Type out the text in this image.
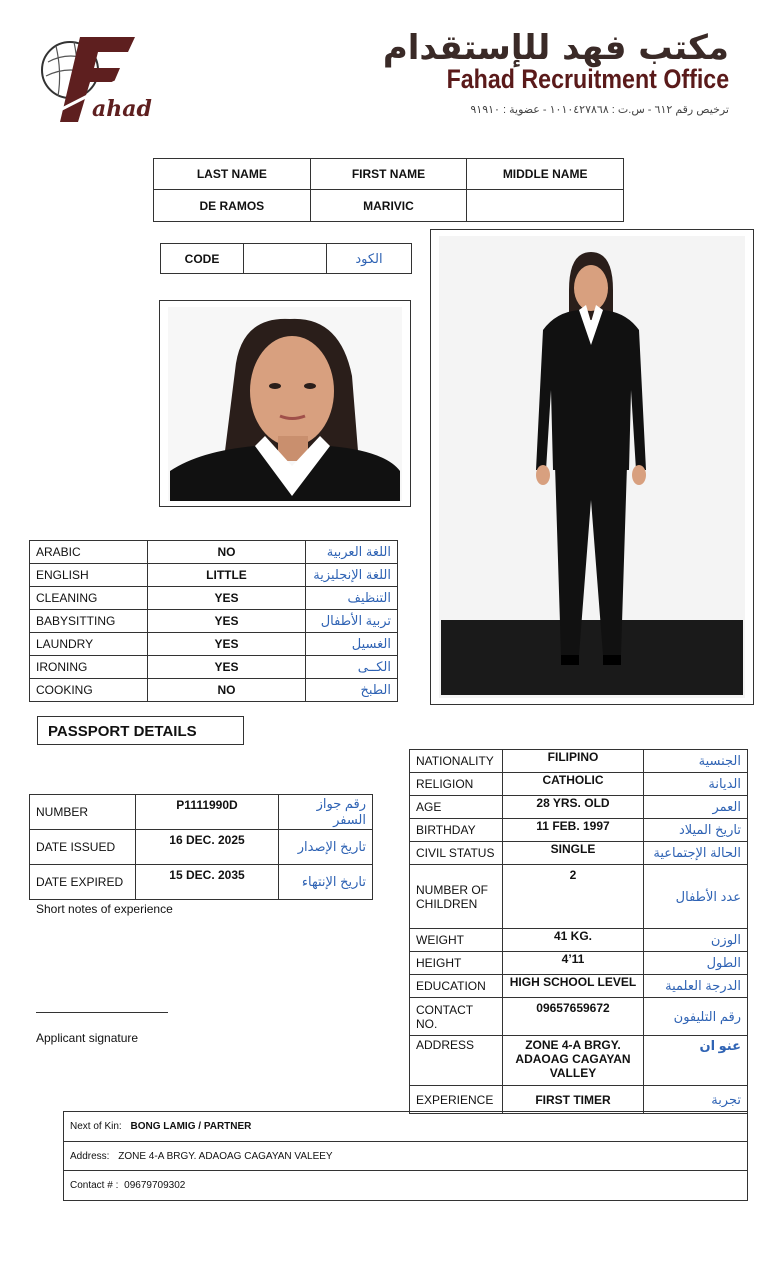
ahad
مكتب فهد للإستقدام
Fahad Recruitment Office
ترخيص رقم ٦١٢ - س.ت : ١٠١٠٤٢٧٨٦٨ - عضوية : ٩١٩١٠
LAST NAME	FIRST NAME	MIDDLE NAME
DE RAMOS	MARIVIC	
CODE		الكود
ARABIC	NO	اللغة العربية
ENGLISH	LITTLE	اللغة الإنجليزية
CLEANING	YES	التنظيف
BABYSITTING	YES	تربية الأطفال
LAUNDRY	YES	الغسيل
IRONING	YES	الكــى
COOKING	NO	الطبخ
PASSPORT DETAILS
NUMBER	P1111990D	رقم جواز السفر
DATE ISSUED	16 DEC. 2025	تاريخ الإصدار
DATE EXPIRED	15 DEC. 2035	تاريخ الإنتهاء
Short notes of experience
Applicant signature
NATIONALITY	FILIPINO	الجنسية
RELIGION	CATHOLIC	الديانة
AGE	28 YRS. OLD	العمر
BIRTHDAY	11 FEB. 1997	تاريخ الميلاد
CIVIL STATUS	SINGLE	الحالة الإجتماعية
NUMBER OF CHILDREN	2	عدد الأطفال
WEIGHT	41 KG.	الوزن
HEIGHT	4’11	الطول
EDUCATION	HIGH SCHOOL LEVEL	الدرجة العلمية
CONTACT NO.	09657659672	رقم التليفون
ADDRESS	ZONE 4-A BRGY. ADAOAG CAGAYAN VALLEY	عنو ان
EXPERIENCE	FIRST TIMER	تجربة
Next of Kin: BONG LAMIG / PARTNER
Address: ZONE 4-A BRGY. ADAOAG CAGAYAN VALEEY
Contact # : 09679709302
